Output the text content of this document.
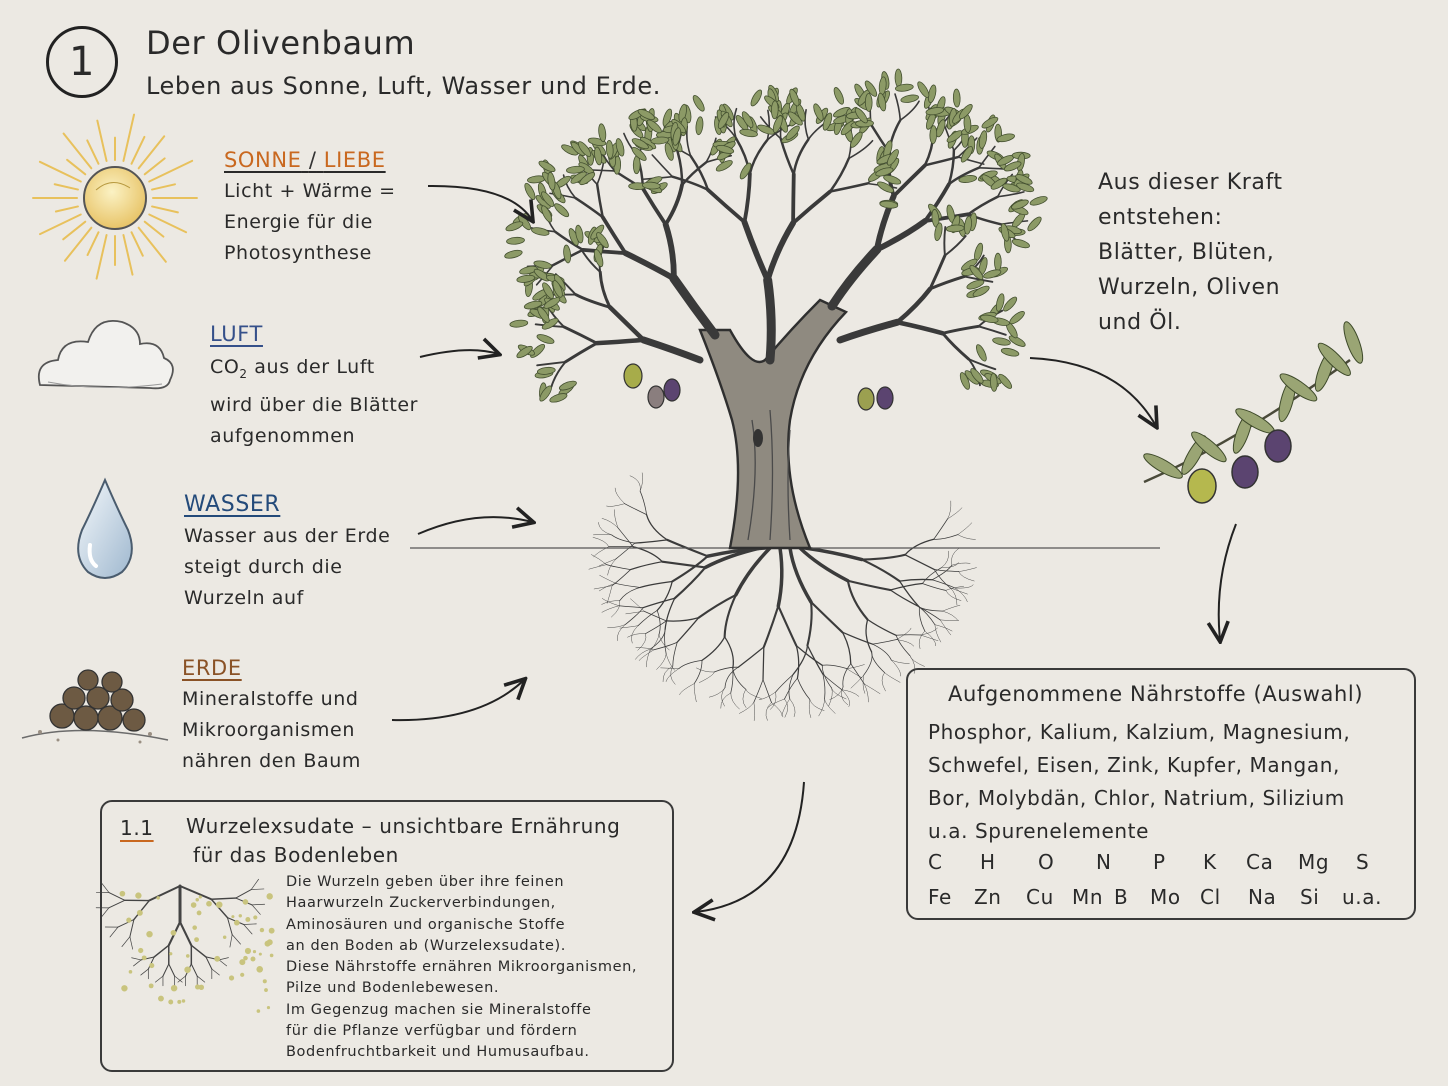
1 Der Olivenbaum
Leben aus Sonne, Luft, Wasser und Erde.
SONNE / LIEBE
Licht + Wärme =
Energie für die
Photosynthese
LUFT
$CO_2$ aus der Luft
wird über die Blätter
aufgenommen
WASSER
Wasser aus der Erde
steigt durch die
Wurzeln auf
ERDE
Mineralstoffe und
Mikroorganismen
nähren den Baum
Aus dieser Kraft
entstehen:
Blätter, Blüten,
Wurzeln, Oliven
und Öl.
Aufgenommene Nährstoffe (Auswahl)
Phosphor, Kalium, Kalzium, Magnesium,
Schwefel, Eisen, Zink, Kupfer, Mangan,
Bor, Molybdän, Chlor, Natrium, Silizium
u.a. Spurenelemente
C H O N P K Ca Mg S
Fe Zn Cu Mn B Mo Cl Na Si u.a.
1.1 Wurzelexsudate – unsichtbare Ernährung
für das Bodenleben
Die Wurzeln geben über ihre feinen
Haarwurzeln Zuckerverbindungen,
Aminosäuren und organische Stoffe
an den Boden ab (Wurzelexsudate).
Diese Nährstoffe ernähren Mikroorganismen,
Pilze und Bodenlebewesen.
Im Gegenzug machen sie Mineralstoffe
für die Pflanze verfügbar und fördern
Bodenfruchtbarkeit und Humusaufbau.
